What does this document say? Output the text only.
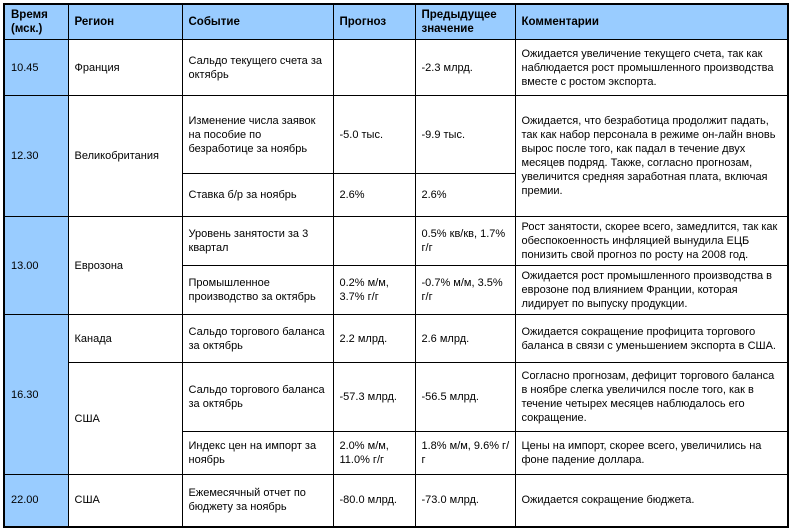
Время (мск.)	Регион	Событие	Прогноз	Предыдущее значение	Комментарии
10.45	Франция	Сальдо текущего счета за октябрь		-2.3 млрд.	Ожидается увеличение текущего счета, так как наблюдается рост промышленного производства вместе с ростом экспорта.
12.30	Великобритания	Изменение числа заявок на пособие по безработице за ноябрь	-5.0 тыс.	-9.9 тыс.	Ожидается, что безработица продолжит падать, так как набор персонала в режиме он-лайн вновь вырос после того, как падал в течение двух месяцев подряд. Также, согласно прогнозам, увеличится средняя заработная плата, включая премии.
		Ставка б/р за ноябрь	2.6%	2.6%	
13.00	Еврозона	Уровень занятости за 3 квартал		0.5% кв/кв, 1.7% г/г	Рост занятости, скорее всего, замедлится, так как обеспокоенность инфляцией вынудила ЕЦБ понизить свой прогноз по росту на 2008 год.
		Промышленное производство за октябрь	0.2% м/м, 3.7% г/г	-0.7% м/м, 3.5% г/г	Ожидается рост промышленного производства в еврозоне под влиянием Франции, которая лидирует по выпуску продукции.
16.30	Канада	Сальдо торгового баланса за октябрь	2.2 млрд.	2.6 млрд.	Ожидается сокращение профицита торгового баланса в связи с уменьшением экспорта в США.
	США	Сальдо торгового баланса за октябрь	-57.3 млрд.	-56.5 млрд.	Согласно прогнозам, дефицит торгового баланса в ноябре слегка увеличился после того, как в течение четырех месяцев наблюдалось его сокращение.
		Индекс цен на импорт за ноябрь	2.0% м/м, 11.0% г/г	1.8% м/м, 9.6% г/г	Цены на импорт, скорее всего, увеличились на фоне падение доллара.
22.00	США	Ежемесячный отчет по бюджету за ноябрь	-80.0 млрд.	-73.0 млрд.	Ожидается сокращение бюджета.
